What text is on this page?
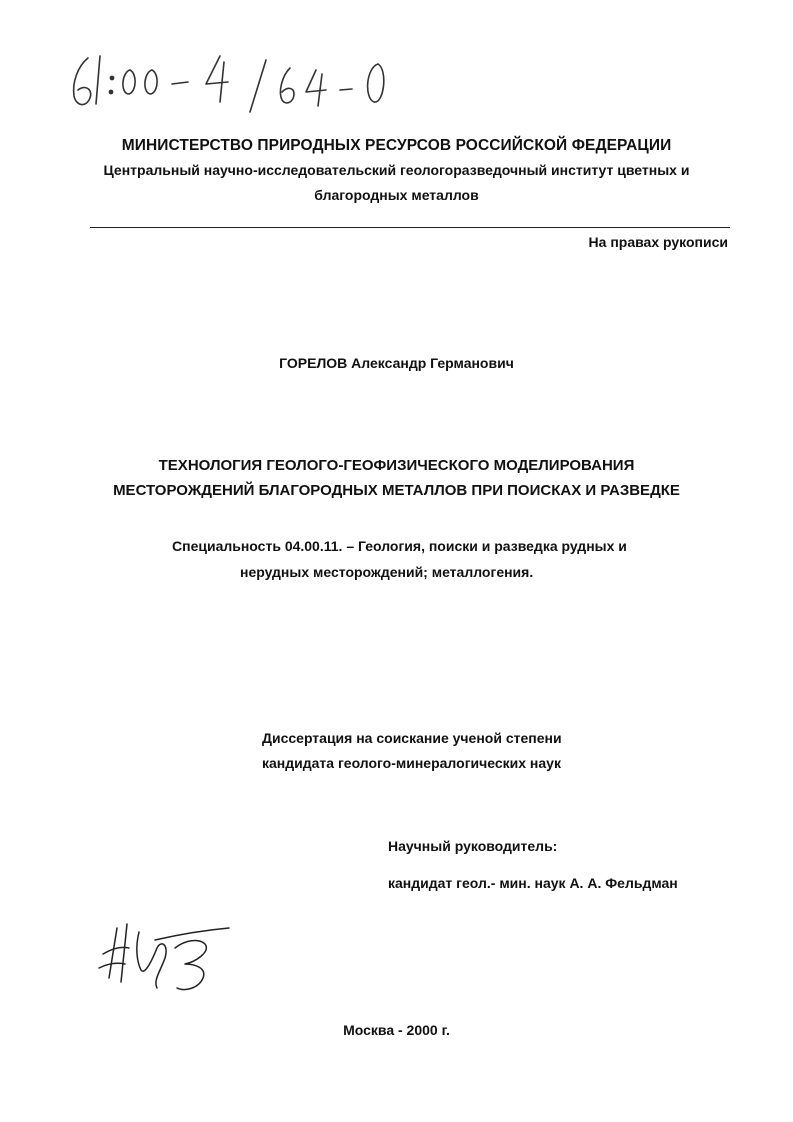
МИНИСТЕРСТВО ПРИРОДНЫХ РЕСУРСОВ РОССИЙСКОЙ ФЕДЕРАЦИИ
Центральный научно-исследовательский геологоразведочный институт цветных и
благородных металлов
На правах рукописи
ГОРЕЛОВ Александр Германович
ТЕХНОЛОГИЯ ГЕОЛОГО-ГЕОФИЗИЧЕСКОГО МОДЕЛИРОВАНИЯ
МЕСТОРОЖДЕНИЙ БЛАГОРОДНЫХ МЕТАЛЛОВ ПРИ ПОИСКАХ И РАЗВЕДКЕ
Специальность 04.00.11. – Геология, поиски и разведка рудных и
нерудных месторождений; металлогения.
Диссертация на соискание ученой степени
кандидата геолого-минералогических наук
Научный руководитель:
кандидат геол.- мин. наук А. А. Фельдман
Москва - 2000 г.
